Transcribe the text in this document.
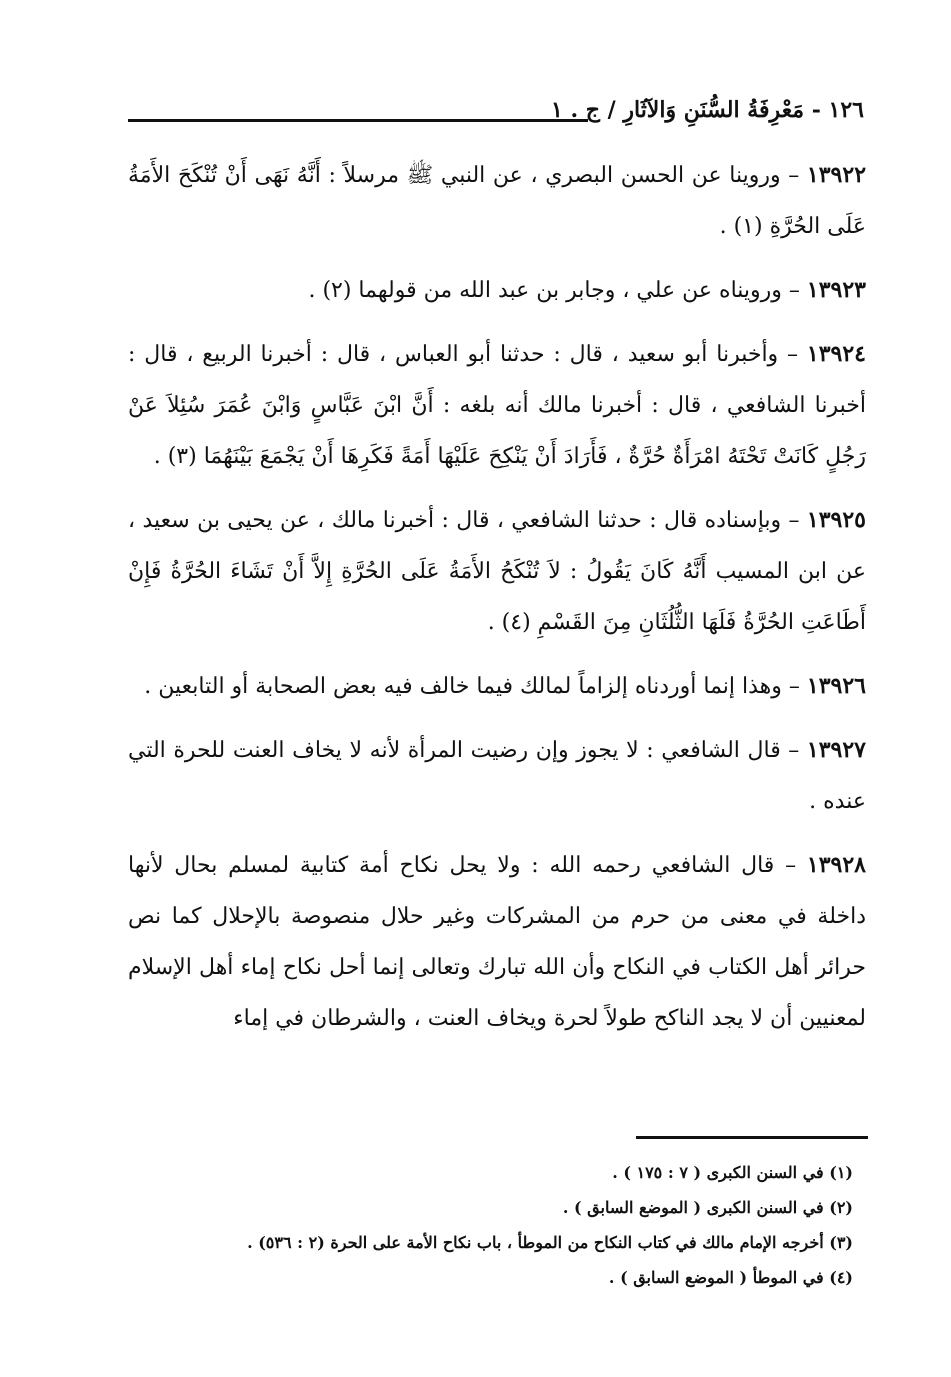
١٢٦ - مَعْرِفَةُ السُّنَنِ وَالآثَارِ / ج . ١

١٣٩٢٢ – وروينا عن الحسن البصري ، عن النبي ﷺ مرسلاً : أَنَّهُ نَهَى أَنْ تُنْكَحَ الأَمَةُ عَلَى الحُرَّةِ (١) .

١٣٩٢٣ – ورويناه عن علي ، وجابر بن عبد الله من قولهما (٢) .

١٣٩٢٤ – وأخبرنا أبو سعيد ، قال : حدثنا أبو العباس ، قال : أخبرنا الربيع ، قال : أخبرنا الشافعي ، قال : أخبرنا مالك أنه بلغه : أَنَّ ابْنَ عَبَّاسٍ وَابْنَ عُمَرَ سُئِلاَ عَنْ رَجُلٍ كَانَتْ تَحْتَهُ امْرَأَةٌ حُرَّةٌ ، فَأَرَادَ أَنْ يَنْكِحَ عَلَيْهَا أَمَةً فَكَرِهَا أَنْ يَجْمَعَ بَيْنَهُمَا (٣) .

١٣٩٢٥ – وبإسناده قال : حدثنا الشافعي ، قال : أخبرنا مالك ، عن يحيى بن سعيد ، عن ابن المسيب أَنَّهُ كَانَ يَقُولُ : لاَ تُنْكَحُ الأَمَةُ عَلَى الحُرَّةِ إِلاَّ أَنْ تَشَاءَ الحُرَّةُ فَإِنْ أَطَاعَتِ الحُرَّةُ فَلَهَا الثُّلُثَانِ مِنَ القَسْمِ (٤) .

١٣٩٢٦ – وهذا إنما أوردناه إلزاماً لمالك فيما خالف فيه بعض الصحابة أو التابعين .

١٣٩٢٧ – قال الشافعي : لا يجوز وإن رضيت المرأة لأنه لا يخاف العنت للحرة التي عنده .

١٣٩٢٨ – قال الشافعي رحمه الله : ولا يحل نكاح أمة كتابية لمسلم بحال لأنها داخلة في معنى من حرم من المشركات وغير حلال منصوصة بالإحلال كما نص حرائر أهل الكتاب في النكاح وأن الله تبارك وتعالى إنما أحل نكاح إماء أهل الإسلام لمعنيين أن لا يجد الناكح طولاً لحرة ويخاف العنت ، والشرطان في إماء

(١) في السنن الكبرى ( ٧ : ١٧٥ ) .

(٢) في السنن الكبرى ( الموضع السابق ) .

(٣) أخرجه الإمام مالك في كتاب النكاح من الموطأ ، باب نكاح الأمة على الحرة (٢ : ٥٣٦) .

(٤) في الموطأ ( الموضع السابق ) .
